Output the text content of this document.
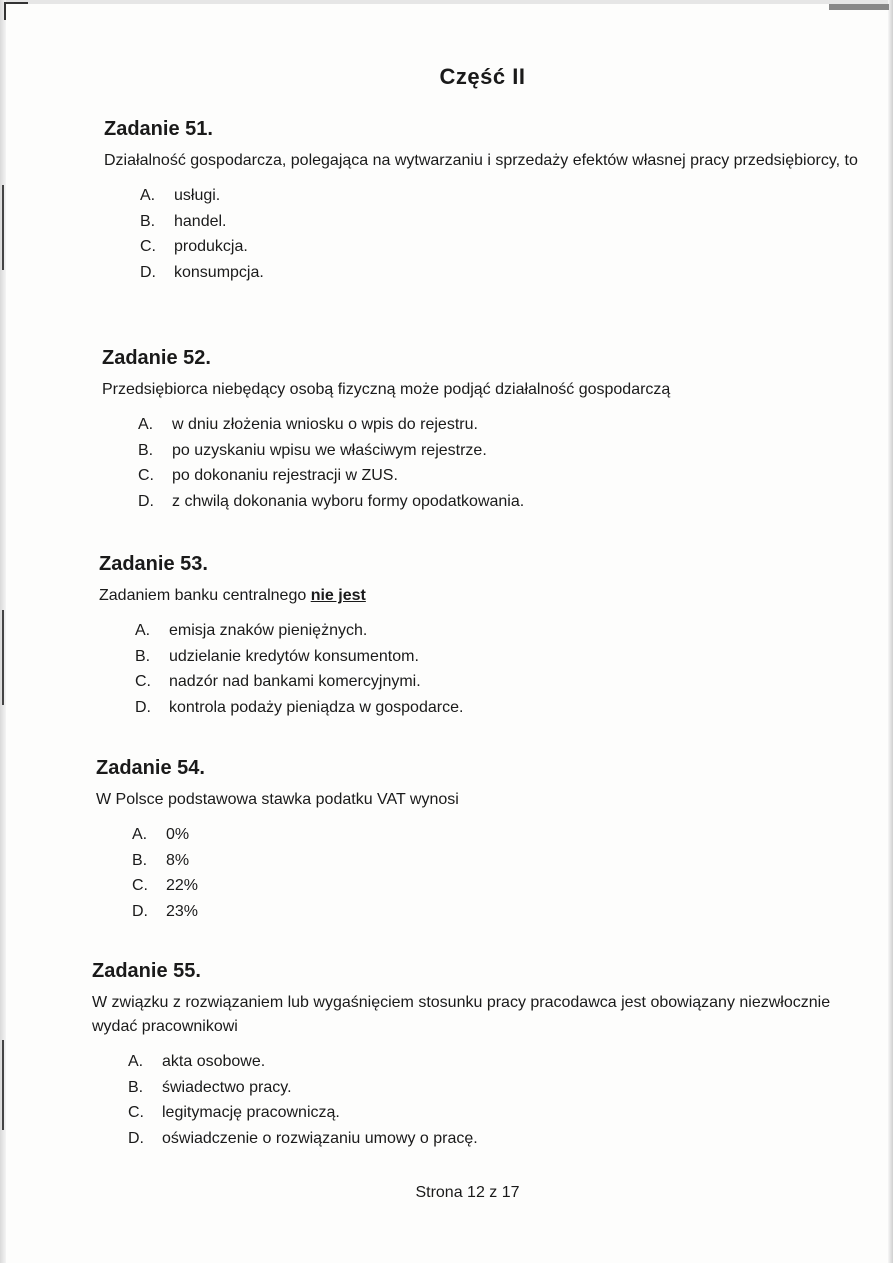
Część II
Zadanie 51.
Działalność gospodarcza, polegająca na wytwarzaniu i sprzedaży efektów własnej pracy przedsiębiorcy, to
A.	usługi.
B.	handel.
C.	produkcja.
D.	konsumpcja.
Zadanie 52.
Przedsiębiorca niebędący osobą fizyczną może podjąć działalność gospodarczą
A.	w dniu złożenia wniosku o wpis do rejestru.
B.	po uzyskaniu wpisu we właściwym rejestrze.
C.	po dokonaniu rejestracji w ZUS.
D.	z chwilą dokonania wyboru formy opodatkowania.
Zadanie 53.
Zadaniem banku centralnego nie jest
A.	emisja znaków pieniężnych.
B.	udzielanie kredytów konsumentom.
C.	nadzór nad bankami komercyjnymi.
D.	kontrola podaży pieniądza w gospodarce.
Zadanie 54.
W Polsce podstawowa stawka podatku VAT wynosi
A.	0%
B.	8%
C.	22%
D.	23%
Zadanie 55.
W związku z rozwiązaniem lub wygaśnięciem stosunku pracy pracodawca jest obowiązany niezwłocznie wydać pracownikowi
A.	akta osobowe.
B.	świadectwo pracy.
C.	legitymację pracowniczą.
D.	oświadczenie o rozwiązaniu umowy o pracę.
Strona 12 z 17
